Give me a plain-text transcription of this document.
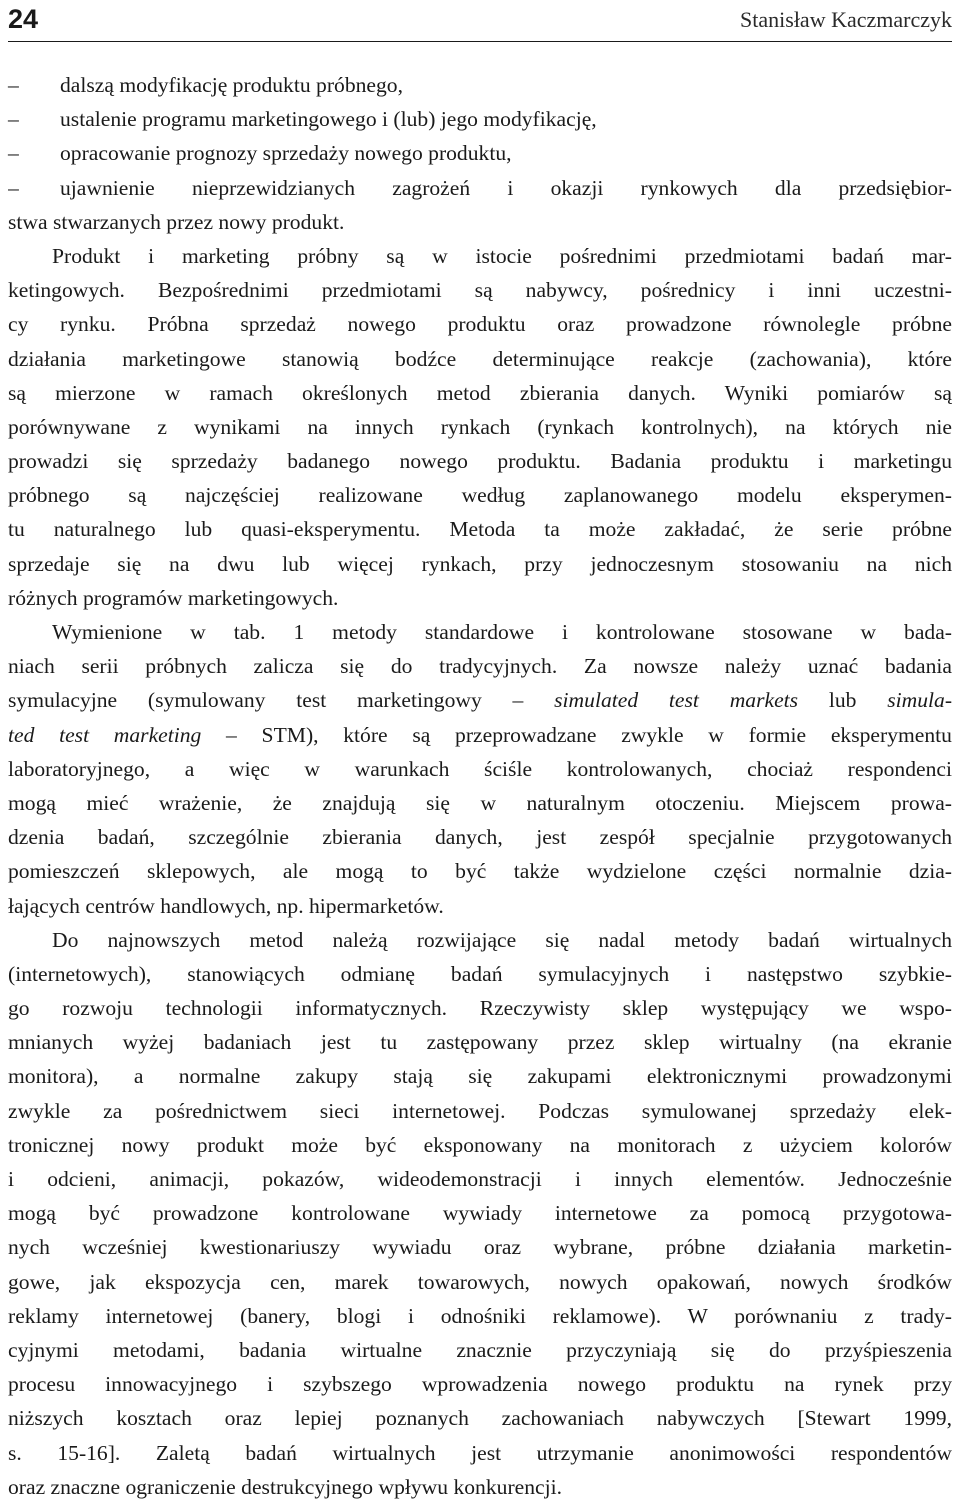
24	Stanisław Kaczmarczyk
– dalszą modyfikację produktu próbnego,
– ustalenie programu marketingowego i (lub) jego modyfikację,
– opracowanie prognozy sprzedaży nowego produktu,
– ujawnienie nieprzewidzianych zagrożeń i okazji rynkowych dla przedsiębior-
stwa stwarzanych przez nowy produkt.
Produkt i marketing próbny są w istocie pośrednimi przedmiotami badań mar-
ketingowych. Bezpośrednimi przedmiotami są nabywcy, pośrednicy i inni uczestni-
cy rynku. Próbna sprzedaż nowego produktu oraz prowadzone równolegle próbne
działania marketingowe stanowią bodźce determinujące reakcje (zachowania), które
są mierzone w ramach określonych metod zbierania danych. Wyniki pomiarów są
porównywane z wynikami na innych rynkach (rynkach kontrolnych), na których nie
prowadzi się sprzedaży badanego nowego produktu. Badania produktu i marketingu
próbnego są najczęściej realizowane według zaplanowanego modelu eksperymen-
tu naturalnego lub quasi-eksperymentu. Metoda ta może zakładać, że serie próbne
sprzedaje się na dwu lub więcej rynkach, przy jednoczesnym stosowaniu na nich
różnych programów marketingowych.
Wymienione w tab. 1 metody standardowe i kontrolowane stosowane w bada-
niach serii próbnych zalicza się do tradycyjnych. Za nowsze należy uznać badania
symulacyjne (symulowany test marketingowy – simulated test markets lub simula-
ted test marketing – STM), które są przeprowadzane zwykle w formie eksperymentu
laboratoryjnego, a więc w warunkach ściśle kontrolowanych, chociaż respondenci
mogą mieć wrażenie, że znajdują się w naturalnym otoczeniu. Miejscem prowa-
dzenia badań, szczególnie zbierania danych, jest zespół specjalnie przygotowanych
pomieszczeń sklepowych, ale mogą to być także wydzielone części normalnie dzia-
łających centrów handlowych, np. hipermarketów.
Do najnowszych metod należą rozwijające się nadal metody badań wirtualnych
(internetowych), stanowiących odmianę badań symulacyjnych i następstwo szybkie-
go rozwoju technologii informatycznych. Rzeczywisty sklep występujący we wspo-
mnianych wyżej badaniach jest tu zastępowany przez sklep wirtualny (na ekranie
monitora), a normalne zakupy stają się zakupami elektronicznymi prowadzonymi
zwykle za pośrednictwem sieci internetowej. Podczas symulowanej sprzedaży elek-
tronicznej nowy produkt może być eksponowany na monitorach z użyciem kolorów
i odcieni, animacji, pokazów, wideodemonstracji i innych elementów. Jednocześnie
mogą być prowadzone kontrolowane wywiady internetowe za pomocą przygotowa-
nych wcześniej kwestionariuszy wywiadu oraz wybrane, próbne działania marketin-
gowe, jak ekspozycja cen, marek towarowych, nowych opakowań, nowych środków
reklamy internetowej (banery, blogi i odnośniki reklamowe). W porównaniu z trady-
cyjnymi metodami, badania wirtualne znacznie przyczyniają się do przyśpieszenia
procesu innowacyjnego i szybszego wprowadzenia nowego produktu na rynek przy
niższych kosztach oraz lepiej poznanych zachowaniach nabywczych [Stewart 1999,
s. 15-16]. Zaletą badań wirtualnych jest utrzymanie anonimowości respondentów
oraz znaczne ograniczenie destrukcyjnego wpływu konkurencji.
